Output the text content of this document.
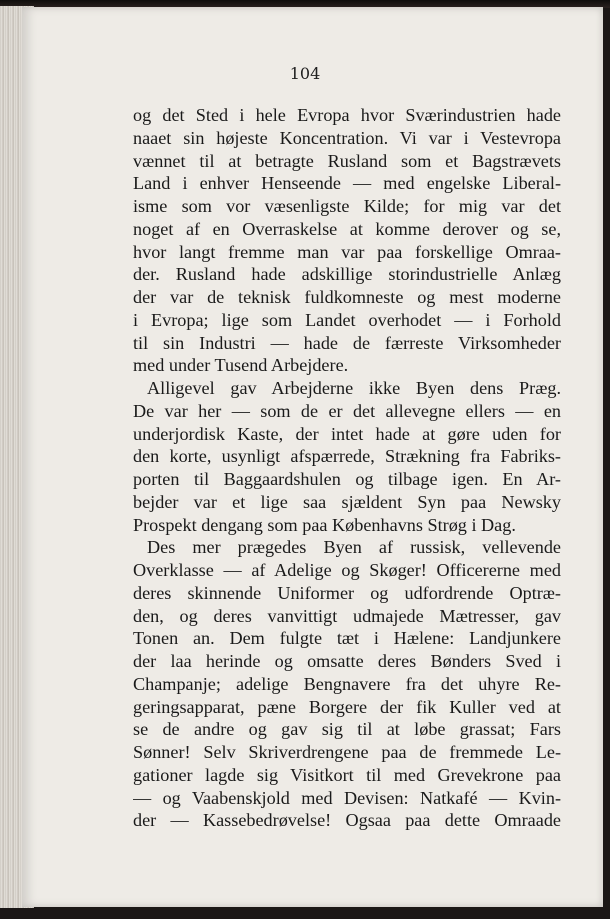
104
og det Sted i hele Evropa hvor Sværindustrien hade
naaet sin højeste Koncentration. Vi var i Vestevropa
vænnet til at betragte Rusland som et Bagstrævets
Land i enhver Henseende — med engelske Liberal-
isme som vor væsenligste Kilde; for mig var det
noget af en Overraskelse at komme derover og se,
hvor langt fremme man var paa forskellige Omraa-
der. Rusland hade adskillige storindustrielle Anlæg
der var de teknisk fuldkomneste og mest moderne
i Evropa; lige som Landet overhodet — i Forhold
til sin Industri — hade de færreste Virksomheder
med under Tusend Arbejdere.
Alligevel gav Arbejderne ikke Byen dens Præg.
De var her — som de er det allevegne ellers — en
underjordisk Kaste, der intet hade at gøre uden for
den korte, usynligt afspærrede, Strækning fra Fabriks-
porten til Baggaardshulen og tilbage igen. En Ar-
bejder var et lige saa sjældent Syn paa Newsky
Prospekt dengang som paa Københavns Strøg i Dag.
Des mer prægedes Byen af russisk, vellevende
Overklasse — af Adelige og Skøger! Officererne med
deres skinnende Uniformer og udfordrende Optræ-
den, og deres vanvittigt udmajede Mætresser, gav
Tonen an. Dem fulgte tæt i Hælene: Landjunkere
der laa herinde og omsatte deres Bønders Sved i
Champanje; adelige Bengnavere fra det uhyre Re-
geringsapparat, pæne Borgere der fik Kuller ved at
se de andre og gav sig til at løbe grassat; Fars
Sønner! Selv Skriverdrengene paa de fremmede Le-
gationer lagde sig Visitkort til med Grevekrone paa
— og Vaabenskjold med Devisen: Natkafé — Kvin-
der — Kassebedrøvelse! Ogsaa paa dette Omraade
